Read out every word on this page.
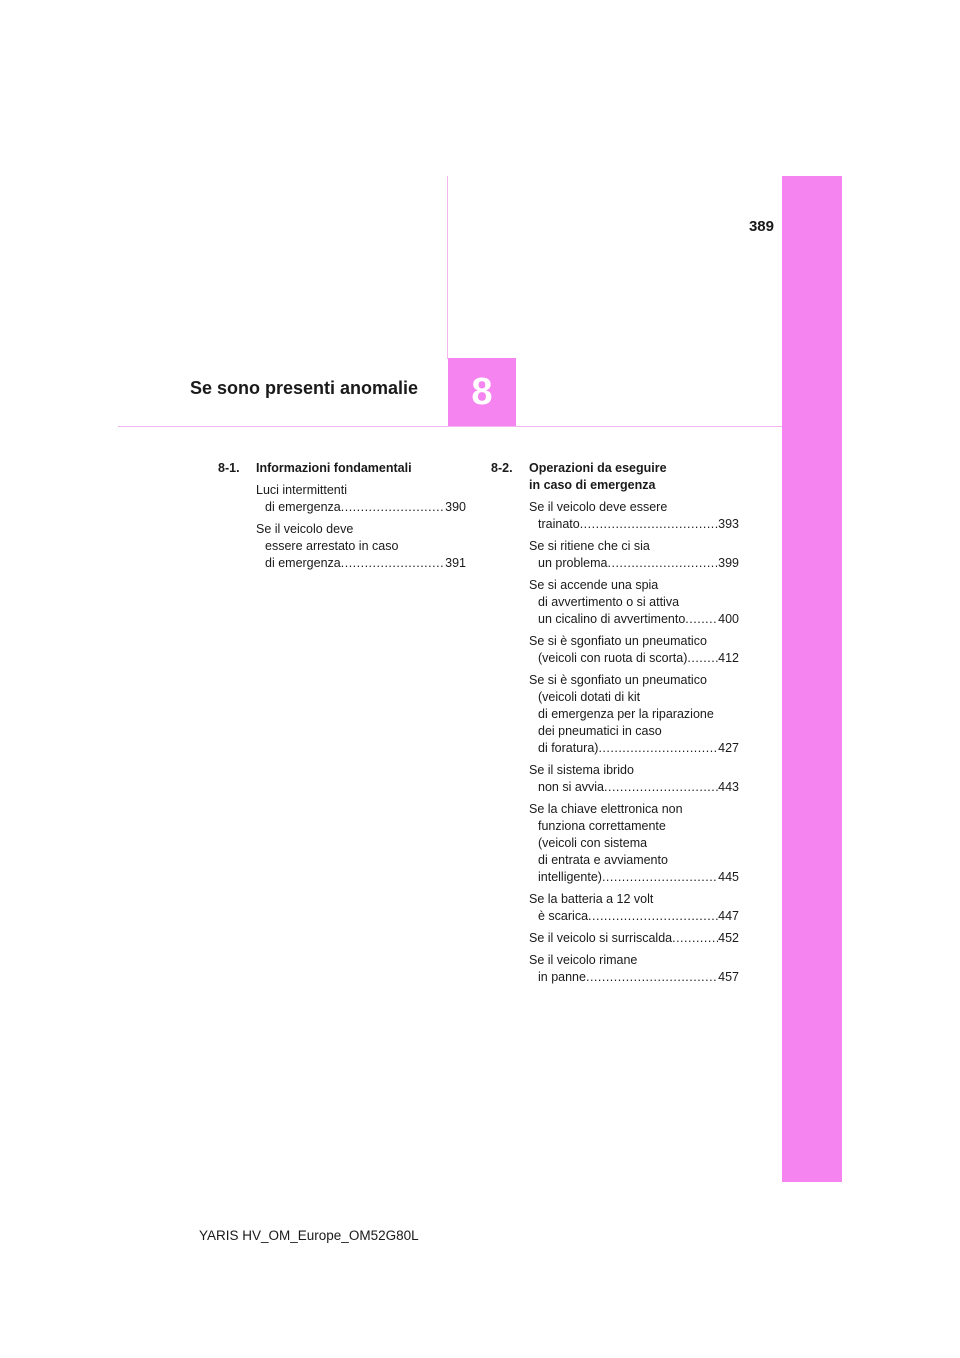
8
389
Se sono presenti anomalie
8-1.	Informazioni fondamentali
Luci intermittenti
di emergenza .....	390
Se il veicolo deve
essere arrestato in caso
di emergenza .....	391
8-2.	Operazioni da eseguire
in caso di emergenza
Se il veicolo deve essere
trainato .....	393
Se si ritiene che ci sia
un problema .....	399
Se si accende una spia
di avvertimento o si attiva
un cicalino di avvertimento .....	400
Se si è sgonfiato un pneumatico
(veicoli con ruota di scorta) ..... 412
Se si è sgonfiato un pneumatico
(veicoli dotati di kit
di emergenza per la riparazione
dei pneumatici in caso
di foratura) .....	427
Se il sistema ibrido
non si avvia .....	443
Se la chiave elettronica non
funziona correttamente
(veicoli con sistema
di entrata e avviamento
intelligente) .....	445
Se la batteria a 12 volt
è scarica .....	447
Se il veicolo si surriscalda .....	452
Se il veicolo rimane
in panne .....	457
YARIS HV_OM_Europe_OM52G80L
